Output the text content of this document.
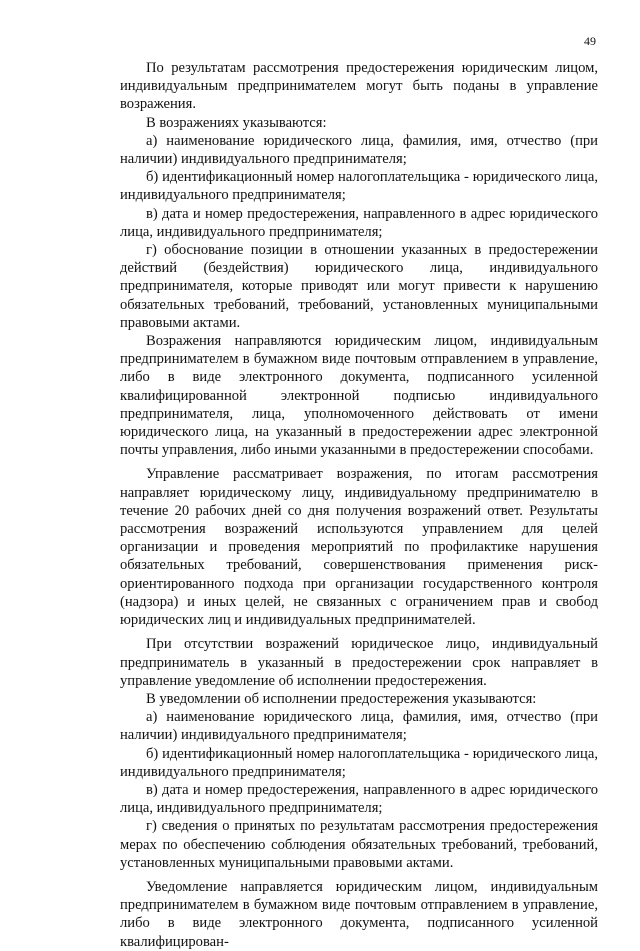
49

По результатам рассмотрения предостережения юридическим лицом, индивидуальным предпринимателем могут быть поданы в управление возражения.

В возражениях указываются:

а) наименование юридического лица, фамилия, имя, отчество (при наличии) индивидуального предпринимателя;

б) идентификационный номер налогоплательщика - юридического лица, индивидуального предпринимателя;

в) дата и номер предостережения, направленного в адрес юридического лица, индивидуального предпринимателя;

г) обоснование позиции в отношении указанных в предостережении действий (бездействия) юридического лица, индивидуального предпринимателя, которые приводят или могут привести к нарушению обязательных требований, требований, установленных муниципальными правовыми актами.

Возражения направляются юридическим лицом, индивидуальным предпринимателем в бумажном виде почтовым отправлением в управление, либо в виде электронного документа, подписанного усиленной квалифицированной электронной подписью индивидуального предпринимателя, лица, уполномоченного действовать от имени юридического лица, на указанный в предостережении адрес электронной почты управления, либо иными указанными в предостережении способами.

Управление рассматривает возражения, по итогам рассмотрения направляет юридическому лицу, индивидуальному предпринимателю в течение 20 рабочих дней со дня получения возражений ответ. Результаты рассмотрения возражений используются управлением для целей организации и проведения мероприятий по профилактике нарушения обязательных требований, совершенствования применения риск- ориентированного подхода при организации государственного контроля (надзора) и иных целей, не связанных с ограничением прав и свобод юридических лиц и индивидуальных предпринимателей.

При отсутствии возражений юридическое лицо, индивидуальный предприниматель в указанный в предостережении срок направляет в управление уведомление об исполнении предостережения.

В уведомлении об исполнении предостережения указываются:

а) наименование юридического лица, фамилия, имя, отчество (при наличии) индивидуального предпринимателя;

б) идентификационный номер налогоплательщика - юридического лица, индивидуального предпринимателя;

в) дата и номер предостережения, направленного в адрес юридического лица, индивидуального предпринимателя;

г) сведения о принятых по результатам рассмотрения предостережения мерах по обеспечению соблюдения обязательных требований, требований, установленных муниципальными правовыми актами.

Уведомление направляется юридическим лицом, индивидуальным предпринимателем в бумажном виде почтовым отправлением в управление, либо в виде электронного документа, подписанного усиленной квалифицирован-
